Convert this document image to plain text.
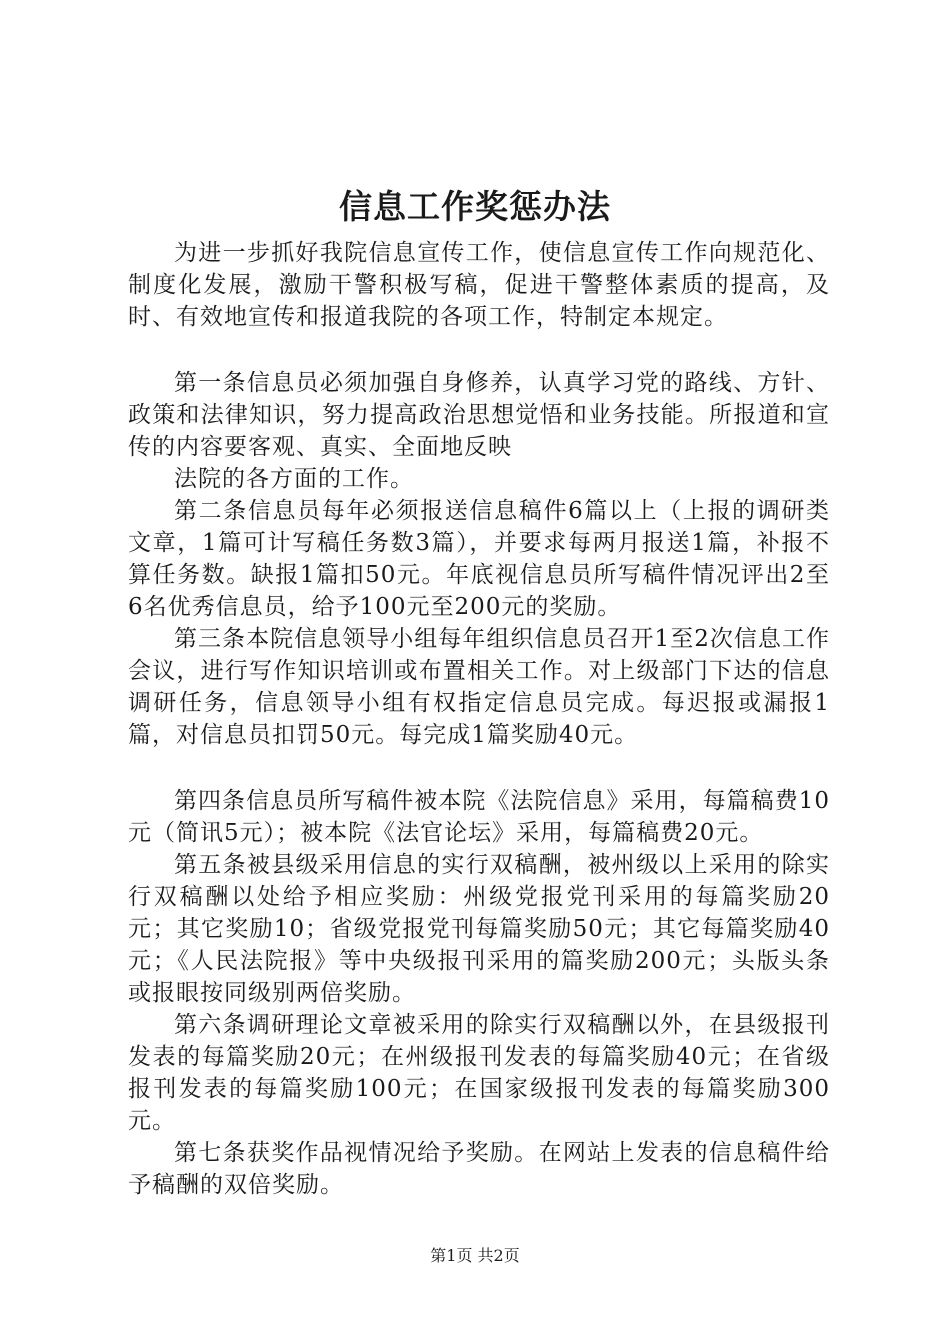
信息工作奖惩办法

为进一步抓好我院信息宣传工作，使信息宣传工作向规范化、制度化发展，激励干警积极写稿，促进干警整体素质的提高，及时、有效地宣传和报道我院的各项工作，特制定本规定。

第一条信息员必须加强自身修养，认真学习党的路线、方针、政策和法律知识，努力提高政治思想觉悟和业务技能。所报道和宣传的内容要客观、真实、全面地反映

法院的各方面的工作。

第二条信息员每年必须报送信息稿件6篇以上（上报的调研类文章，1篇可计写稿任务数3篇），并要求每两月报送1篇，补报不算任务数。缺报1篇扣50元。年底视信息员所写稿件情况评出2至6名优秀信息员，给予100元至200元的奖励。

第三条本院信息领导小组每年组织信息员召开1至2次信息工作会议，进行写作知识培训或布置相关工作。对上级部门下达的信息调研任务，信息领导小组有权指定信息员完成。每迟报或漏报1篇，对信息员扣罚50元。每完成1篇奖励40元。

第四条信息员所写稿件被本院《法院信息》采用，每篇稿费10元（简讯5元）；被本院《法官论坛》采用，每篇稿费20元。

第五条被县级采用信息的实行双稿酬，被州级以上采用的除实行双稿酬以处给予相应奖励：州级党报党刊采用的每篇奖励20元；其它奖励10；省级党报党刊每篇奖励50元；其它每篇奖励40元；《人民法院报》等中央级报刊采用的篇奖励200元；头版头条或报眼按同级别两倍奖励。

第六条调研理论文章被采用的除实行双稿酬以外，在县级报刊发表的每篇奖励20元；在州级报刊发表的每篇奖励40元；在省级报刊发表的每篇奖励100元；在国家级报刊发表的每篇奖励300元。

第七条获奖作品视情况给予奖励。在网站上发表的信息稿件给予稿酬的双倍奖励。

第1页 共2页
